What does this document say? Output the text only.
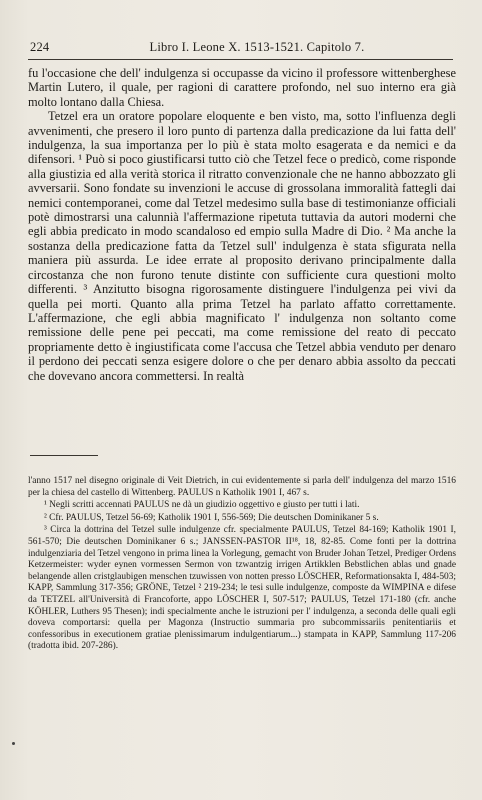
224	Libro I. Leone X. 1513-1521. Capitolo 7.

fu l'occasione che dell' indulgenza si occupasse da vicino il professore wittenberghese Martin Lutero, il quale, per ragioni di carattere profondo, nel suo interno era già molto lontano dalla Chiesa.

Tetzel era un oratore popolare eloquente e ben visto, ma, sotto l'influenza degli avvenimenti, che presero il loro punto di partenza dalla predicazione da lui fatta dell' indulgenza, la sua importanza per lo più è stata molto esagerata e da nemici e da difensori. ¹ Può si poco giustificarsi tutto ciò che Tetzel fece o predicò, come risponde alla giustizia ed alla verità storica il ritratto convenzionale che ne hanno abbozzato gli avversarii. Sono fondate su invenzioni le accuse di grossolana immoralità fattegli dai nemici contemporanei, come dal Tetzel medesimo sulla base di testimonianze officiali potè dimostrarsi una calunnià l'affermazione ripetuta tuttavia da autori moderni che egli abbia predicato in modo scandaloso ed empio sulla Madre di Dio. ² Ma anche la sostanza della predicazione fatta da Tetzel sull' indulgenza è stata sfigurata nella maniera più assurda. Le idee errate al proposito derivano principalmente dalla circostanza che non furono tenute distinte con sufficiente cura questioni molto differenti. ³ Anzitutto bisogna rigorosamente distinguere l'indulgenza pei vivi da quella pei morti. Quanto alla prima Tetzel ha parlato affatto correttamente. L'affermazione, che egli abbia magnificato l' indulgenza non soltanto come remissione delle pene pei peccati, ma come remissione del reato di peccato propriamente detto è ingiustificata come l'accusa che Tetzel abbia venduto per denaro il perdono dei peccati senza esigere dolore o che per denaro abbia assolto da peccati che dovevano ancora commettersi. In realtà

l'anno 1517 nel disegno originale di Veit Dietrich, in cui evidentemente si parla dell' indulgenza del marzo 1516 per la chiesa del castello di Wittenberg. PAULUS n Katholik 1901 I, 467 s.

¹ Negli scritti accennati PAULUS ne dà un giudizio oggettivo e giusto per tutti i lati.

² Cfr. PAULUS, Tetzel 56-69; Katholik 1901 I, 556-569; Die deutschen Dominikaner 5 s.

³ Circa la dottrina del Tetzel sulle indulgenze cfr. specialmente PAULUS, Tetzel 84-169; Katholik 1901 I, 561-570; Die deutschen Dominikaner 6 s.; JANSSEN-PASTOR II¹⁸, 18, 82-85. Come fonti per la dottrina indulgenziaria del Tetzel vengono in prima linea la Vorlegung, gemacht von Bruder Johan Tetzel, Prediger Ordens Ketzermeister: wyder eynen vormessen Sermon von tzwantzig irrigen Artikklen Bebstlichen ablas und gnade belangende allen cristglaubigen menschen tzuwissen von notten presso LÖSCHER, Reformationsakta I, 484-503; KAPP, Sammlung 317-356; GRÖNE, Tetzel ² 219-234; le tesi sulle indulgenze, composte da WIMPINA e difese da TETZEL all'Università di Francoforte, appo LÖSCHER I, 507-517; PAULUS, Tetzel 171-180 (cfr. anche KÖHLER, Luthers 95 Thesen); indi specialmente anche le istruzioni per l' indulgenza, a seconda delle quali egli doveva comportarsi: quella per Magonza (Instructio summaria pro subcommissariis penitentiariis et confessoribus in executionem gratiae plenissimarum indulgentiarum...) stampata in KAPP, Sammlung 117-206 (tradotta ibid. 207-286).
